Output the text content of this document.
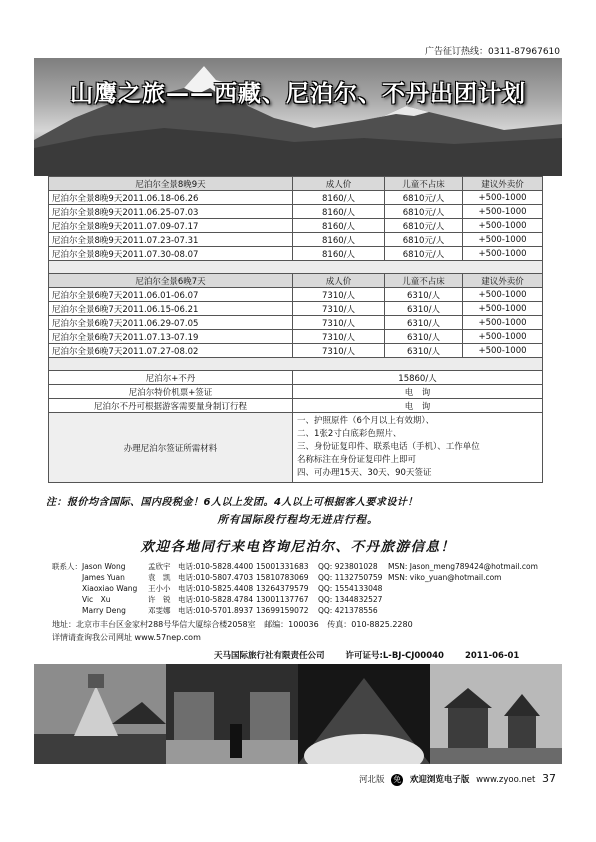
广告征订热线：0311-87967610
山鹰之旅——西藏、尼泊尔、不丹出团计划
尼泊尔全景8晚9天	成人价	儿童不占床	建议外卖价
尼泊尔全景8晚9天2011.06.18-06.26	8160/人	6810元/人	+500-1000
尼泊尔全景8晚9天2011.06.25-07.03	8160/人	6810元/人	+500-1000
尼泊尔全景8晚9天2011.07.09-07.17	8160/人	6810元/人	+500-1000
尼泊尔全景8晚9天2011.07.23-07.31	8160/人	6810元/人	+500-1000
尼泊尔全景8晚9天2011.07.30-08.07	8160/人	6810元/人	+500-1000

尼泊尔全景6晚7天	成人价	儿童不占床	建议外卖价
尼泊尔全景6晚7天2011.06.01-06.07	7310/人	6310/人	+500-1000
尼泊尔全景6晚7天2011.06.15-06.21	7310/人	6310/人	+500-1000
尼泊尔全景6晚7天2011.06.29-07.05	7310/人	6310/人	+500-1000
尼泊尔全景6晚7天2011.07.13-07.19	7310/人	6310/人	+500-1000
尼泊尔全景6晚7天2011.07.27-08.02	7310/人	6310/人	+500-1000

尼泊尔+不丹	15860/人		
尼泊尔特价机票+签证	电　询		
尼泊尔不丹可根据游客需要量身制订行程	电　询		
办理尼泊尔签证所需材料	一、护照原件（6个月以上有效期）、
二、1张2寸白底彩色照片、
三、身份证复印件、联系电话（手机）、工作单位
名称标注在身份证复印件上即可
四、可办理15天、30天、90天签证		
注：报价均含国际、国内段税金！6人以上发团。4人以上可根据客人要求设计！
所有国际段行程均无进店行程。
欢迎各地同行来电咨询尼泊尔、不丹旅游信息！
联系人： Jason Wong	孟欣宇 电话:010-5828.4400 15001331683 QQ: 923801028 MSN: Jason_meng789424@hotmail.com
James Yuan	袁　凯 电话:010-5807.4703 15810783069 QQ: 1132750759 MSN: viko_yuan@hotmail.com
Xiaoxiao Wang 王小小 电话:010-5825.4408 13264379579 QQ: 1554133048
Vic　Xu	许　锐 电话:010-5828.4784 13001137767 QQ: 1344832527
Marry Deng	邓雯娜 电话:010-5701.8937 13699159072 QQ: 421378556
地址：北京市丰台区金家村288号华信大厦综合楼2058室 邮编：100036 传真：010-8825.2280
详情请查询我公司网址 www.57nep.com
天马国际旅行社有限责任公司 许可证号:L-BJ-CJ00040 2011-06-01
河北版 免 欢迎浏览电子版 www.zyoo.net 37
